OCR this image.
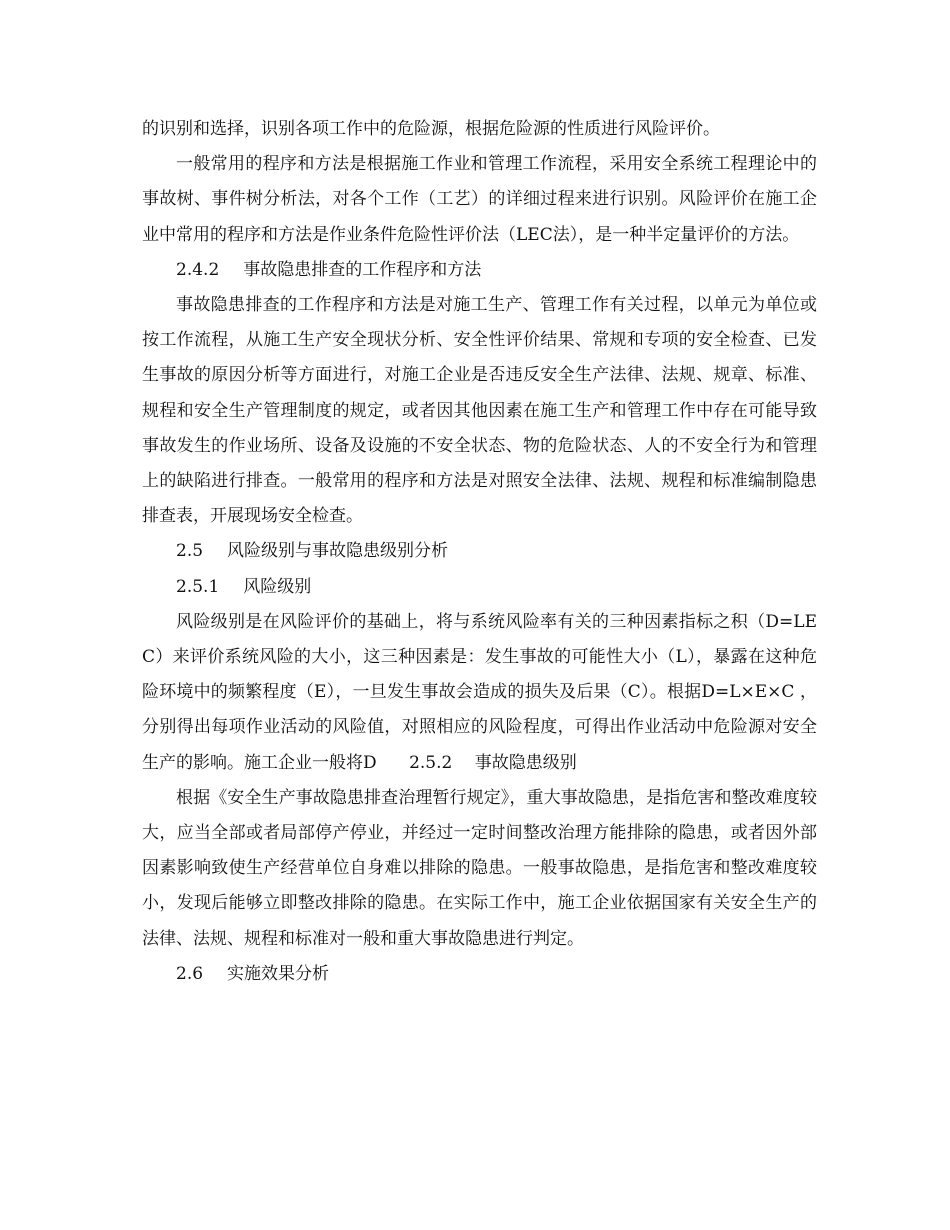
的识别和选择，识别各项工作中的危险源，根据危险源的性质进行风险评价。

一般常用的程序和方法是根据施工作业和管理工作流程，采用安全系统工程理论中的事故树、事件树分析法，对各个工作（工艺）的详细过程来进行识别。风险评价在施工企业中常用的程序和方法是作业条件危险性评价法（LEC法），是一种半定量评价的方法。

2.4.2 事故隐患排查的工作程序和方法

事故隐患排查的工作程序和方法是对施工生产、管理工作有关过程，以单元为单位或按工作流程，从施工生产安全现状分析、安全性评价结果、常规和专项的安全检查、已发生事故的原因分析等方面进行，对施工企业是否违反安全生产法律、法规、规章、标准、规程和安全生产管理制度的规定，或者因其他因素在施工生产和管理工作中存在可能导致事故发生的作业场所、设备及设施的不安全状态、物的危险状态、人的不安全行为和管理上的缺陷进行排查。一般常用的程序和方法是对照安全法律、法规、规程和标准编制隐患排查表，开展现场安全检查。

2.5 风险级别与事故隐患级别分析

2.5.1 风险级别

风险级别是在风险评价的基础上，将与系统风险率有关的三种因素指标之积（D=LEC）来评价系统风险的大小，这三种因素是：发生事故的可能性大小（L），暴露在这种危险环境中的频繁程度（E），一旦发生事故会造成的损失及后果（C）。根据D=L×E×C ，分别得出每项作业活动的风险值，对照相应的风险程度，可得出作业活动中危险源对安全生产的影响。施工企业一般将D 2.5.2　 事故隐患级别

根据《安全生产事故隐患排查治理暂行规定》，重大事故隐患，是指危害和整改难度较大，应当全部或者局部停产停业，并经过一定时间整改治理方能排除的隐患，或者因外部因素影响致使生产经营单位自身难以排除的隐患。一般事故隐患，是指危害和整改难度较小，发现后能够立即整改排除的隐患。在实际工作中，施工企业依据国家有关安全生产的法律、法规、规程和标准对一般和重大事故隐患进行判定。

2.6 实施效果分析
